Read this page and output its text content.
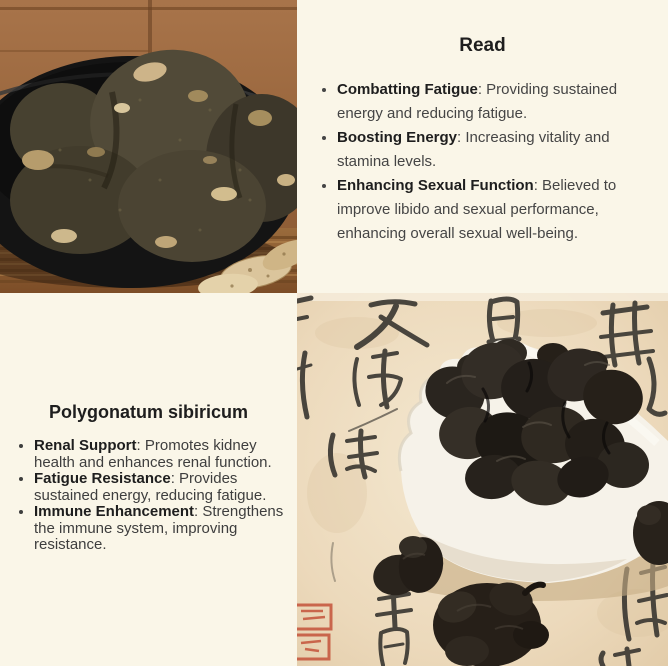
Read
• Combatting Fatigue: Providing sustained energy and reducing fatigue.
• Boosting Energy: Increasing vitality and stamina levels.
• Enhancing Sexual Function: Believed to improve libido and sexual performance, enhancing overall sexual well-being.
Polygonatum sibiricum
• Renal Support: Promotes kidney health and enhances renal function.
• Fatigue Resistance: Provides sustained energy, reducing fatigue.
• Immune Enhancement: Strengthens the immune system, improving resistance.
